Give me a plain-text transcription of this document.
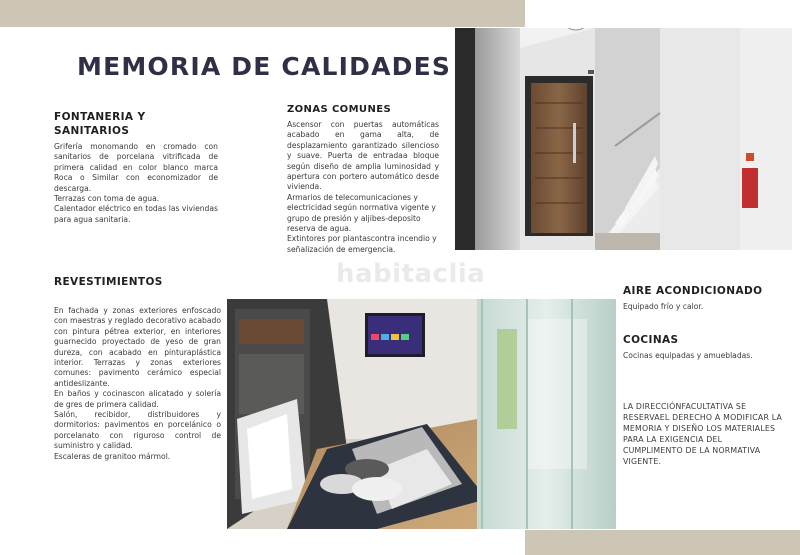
MEMORIA DE CALIDADES
FONTANERIA Y
SANITARIOS

Grifería monomando en cromado con sanitarios de porcelana vitrificada de primera calidad en color blanco marca Roca o Similar con economizador de descarga.

Terrazas con toma de agua.

Calentador eléctrico en todas las viviendas para agua sanitaria.

ZONAS COMUNES

Ascensor con puertas automáticas acabado en gama alta, de desplazamiento garantizado silencioso y suave. Puerta de entradaa bloque según diseño de amplia luminosidad y apertura con portero automático desde vivienda.

Armarios de telecomunicaciones y electricidad según normativa vigente y grupo de presión y aljibes-deposito reserva de agua.

Extintores por plantascontra incendio y señalización de emergencia.

REVESTIMIENTOS

En fachada y zonas exteriores enfoscado con maestras y reglado decorativo acabado con pintura pétrea exterior, en interiores guarnecido proyectado de yeso de gran dureza, con acabado en pinturaplástica interior. Terrazas y zonas exteriores comunes: pavimento cerámico especial antideslizante.

En baños y cocinascon alicatado y solería de gres de primera calidad.

Salón, recibidor, distribuidores y dormitorios: pavimentos en porcelánico o porcelanato con riguroso control de suministro y calidad.

Escaleras de granitoo mármol.

habitaclia
AIRE ACONDICIONADO
Equipado frío y calor.
COCINAS
Cocinas equipadas y amuebladas.
LA DIRECCIÓNFACULTATIVA SE
RESERVAEL DERECHO A MODIFICAR LA
MEMORIA Y DISEÑO LOS MATERIALES
PARA LA EXIGENCIA DEL
CUMPLIMENTO DE LA NORMATIVA
VIGENTE.
